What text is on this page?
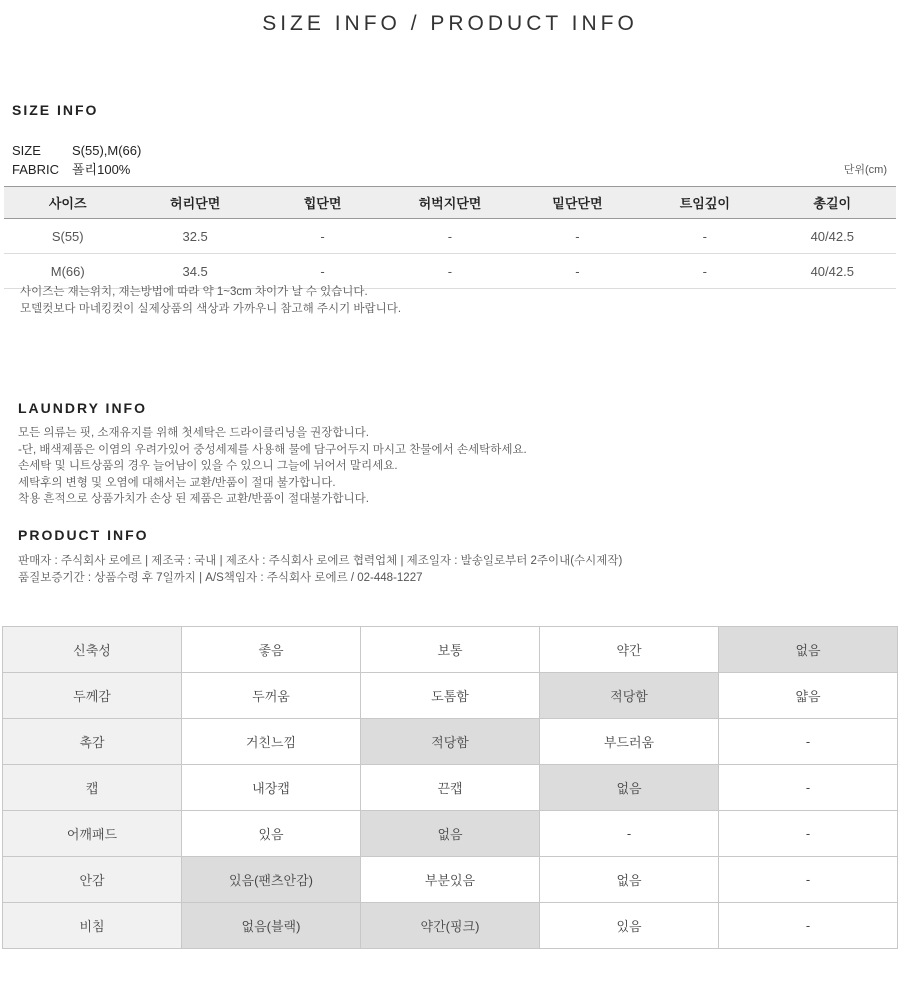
SIZE INFO / PRODUCT INFO
SIZE INFO
SIZE S(55),M(66)
FABRIC 폴리100%	단위(cm)
사이즈	허리단면	힙단면	허벅지단면	밑단단면	트임깊이	총길이
S(55)	32.5	-	-	-	-	40/42.5
M(66)	34.5	-	-	-	-	40/42.5
사이즈는 재는위치, 재는방법에 따라 약 1~3cm 차이가 날 수 있습니다.
모델컷보다 마네킹컷이 실제상품의 색상과 가까우니 참고해 주시기 바랍니다.
LAUNDRY INFO
모든 의류는 핏, 소재유지를 위해 첫세탁은 드라이클리닝을 권장합니다.
-단, 배색제품은 이염의 우려가있어 중성세제를 사용해 물에 담구어두지 마시고 찬물에서 손세탁하세요.
손세탁 및 니트상품의 경우 늘어남이 있을 수 있으니 그늘에 뉘어서 말리세요.
세탁후의 변형 및 오염에 대해서는 교환/반품이 절대 불가합니다.
착용 흔적으로 상품가치가 손상 된 제품은 교환/반품이 절대불가합니다.
PRODUCT INFO
판매자 : 주식회사 로에르 | 제조국 : 국내 | 제조사 : 주식회사 로에르 협력업체 | 제조일자 : 발송일로부터 2주이내(수시제작)
품질보증기간 : 상품수령 후 7일까지 | A/S책임자 : 주식회사 로에르 / 02-448-1227
신축성	좋음	보통	약간	없음
두께감	두꺼움	도톰함	적당함	얇음
촉감	거친느낌	적당함	부드러움	-
캡	내장캡	끈캡	없음	-
어깨패드	있음	없음	-	-
안감	있음(팬츠안감)	부분있음	없음	-
비침	없음(블랙)	약간(핑크)	있음	-
